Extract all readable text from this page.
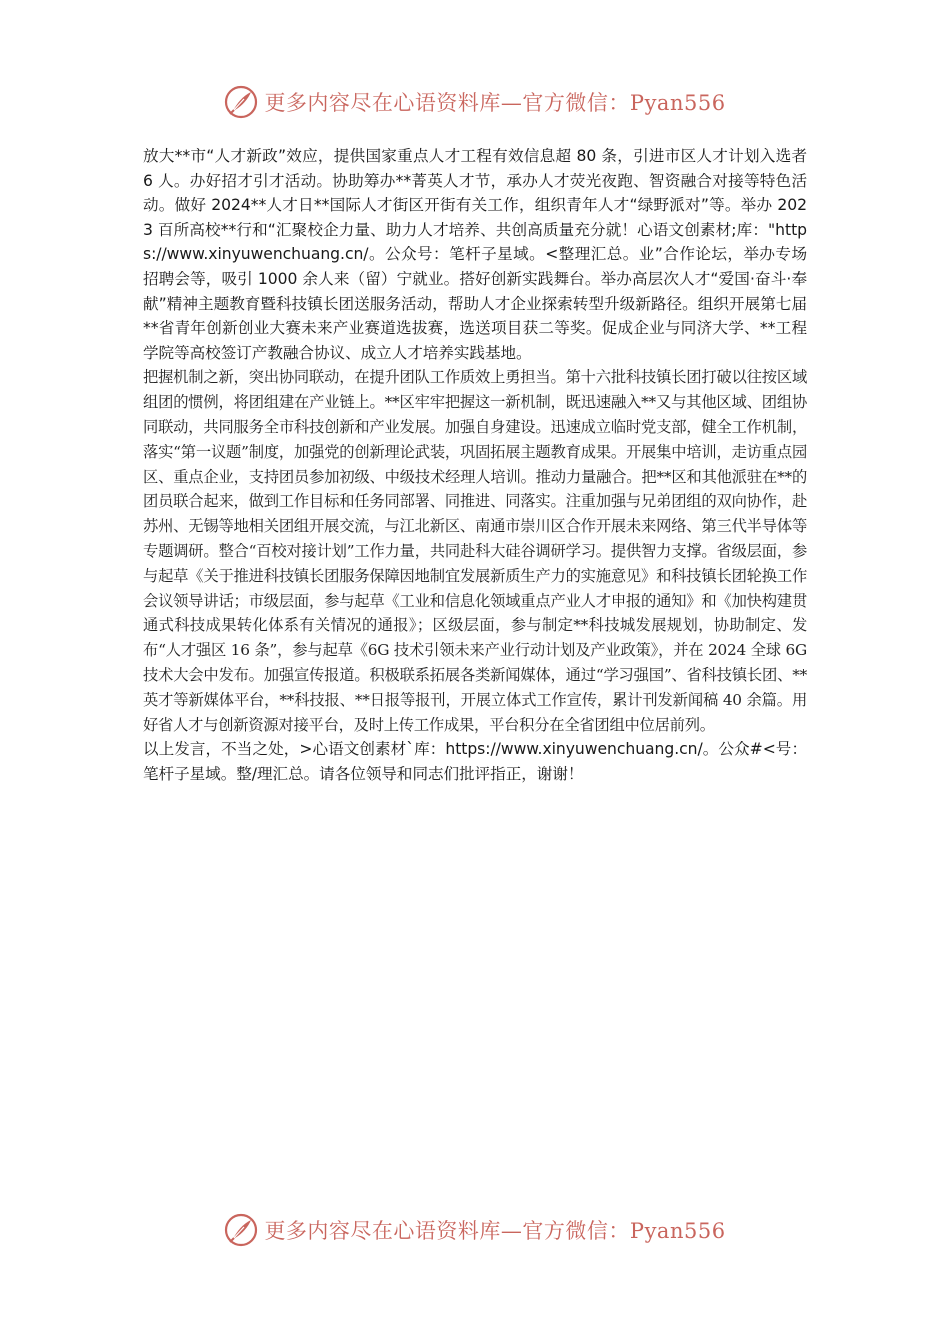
更多内容尽在心语资料库—官方微信：Pyan556

放大**市“人才新政”效应，提供国家重点人才工程有效信息超 80 条，引进市区人才计划入选者 6 人。办好招才引才活动。协助筹办**菁英人才节，承办人才荧光夜跑、智资融合对接等特色活动。做好 2024**人才日**国际人才街区开街有关工作，组织青年人才“绿野派对”等。举办 2023 百所高校**行和“汇聚校企力量、助力人才培养、共创高质量充分就！心语文创素材;库："https://www.xinyuwenchuang.cn/。公众号：笔杆子星域。<整理汇总。业”合作论坛，举办专场招聘会等，吸引 1000 余人来（留）宁就业。搭好创新实践舞台。举办高层次人才“爱国·奋斗·奉献”精神主题教育暨科技镇长团送服务活动，帮助人才企业探索转型升级新路径。组织开展第七届**省青年创新创业大赛未来产业赛道选拔赛，选送项目获二等奖。促成企业与同济大学、**工程学院等高校签订产教融合协议、成立人才培养实践基地。

把握机制之新，突出协同联动，在提升团队工作质效上勇担当。第十六批科技镇长团打破以往按区域组团的惯例，将团组建在产业链上。**区牢牢把握这一新机制，既迅速融入**又与其他区域、团组协同联动，共同服务全市科技创新和产业发展。加强自身建设。迅速成立临时党支部，健全工作机制，落实“第一议题”制度，加强党的创新理论武装，巩固拓展主题教育成果。开展集中培训，走访重点园区、重点企业，支持团员参加初级、中级技术经理人培训。推动力量融合。把**区和其他派驻在**的团员联合起来，做到工作目标和任务同部署、同推进、同落实。注重加强与兄弟团组的双向协作，赴苏州、无锡等地相关团组开展交流，与江北新区、南通市崇川区合作开展未来网络、第三代半导体等专题调研。整合“百校对接计划”工作力量，共同赴科大硅谷调研学习。提供智力支撑。省级层面，参与起草《关于推进科技镇长团服务保障因地制宜发展新质生产力的实施意见》和科技镇长团轮换工作会议领导讲话；市级层面，参与起草《工业和信息化领域重点产业人才申报的通知》和《加快构建贯通式科技成果转化体系有关情况的通报》；区级层面，参与制定**科技城发展规划，协助制定、发布“人才强区 16 条”，参与起草《6G 技术引领未来产业行动计划及产业政策》，并在 2024 全球 6G 技术大会中发布。加强宣传报道。积极联系拓展各类新闻媒体，通过“学习强国”、省科技镇长团、**英才等新媒体平台，**科技报、**日报等报刊，开展立体式工作宣传，累计刊发新闻稿 40 余篇。用好省人才与创新资源对接平台，及时上传工作成果，平台积分在全省团组中位居前列。

以上发言，不当之处，>心语文创素材`库：https://www.xinyuwenchuang.cn/。公众#<号：笔杆子星域。整/理汇总。请各位领导和同志们批评指正，谢谢！

更多内容尽在心语资料库—官方微信：Pyan556
